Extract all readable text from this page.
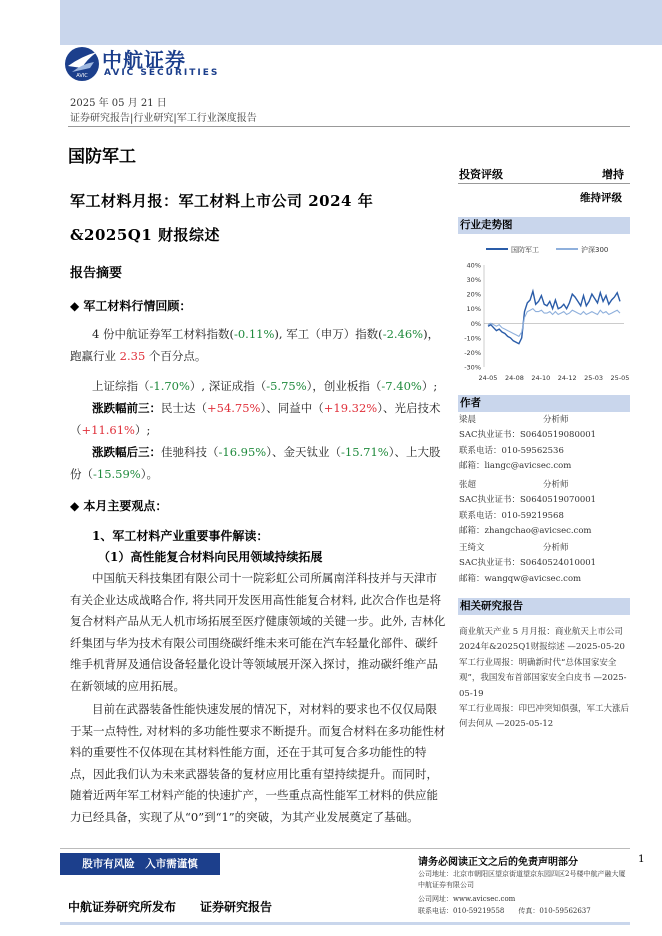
AVIC
中航证券
AVIC SECURITIES
2025 年 05 月 21 日
证券研究报告|行业研究|军工行业深度报告
国防军工
军工材料月报：军工材料上市公司 2024 年&2025Q1 财报综述
报告摘要
◆ 军工材料行情回顾：
4 份中航证券军工材料指数(-0.11%), 军工（申万）指数(-2.46%)，跑赢行业 2.35 个百分点。
上证综指（-1.70%）, 深证成指（-5.75%），创业板指（-7.40%）;
涨跌幅前三：民士达（+54.75%）、同益中（+19.32%）、光启技术（+11.61%）;
涨跌幅后三：佳驰科技（-16.95%）、金天钛业（-15.71%）、上大股份（-15.59%）。
◆ 本月主要观点：
1、军工材料产业重要事件解读：
（1）高性能复合材料向民用领域持续拓展
中国航天科技集团有限公司十一院彩虹公司所属南洋科技并与天津市有关企业达成战略合作, 将共同开发医用高性能复合材料, 此次合作也是将复合材料产品从无人机市场拓展至医疗健康领域的关键一步。此外, 吉林化纤集团与华为技术有限公司围绕碳纤维未来可能在汽车轻量化部件、碳纤维手机背屏及通信设备轻量化设计等领域展开深入探讨，推动碳纤维产品在新领域的应用拓展。
目前在武器装备性能快速发展的情况下，对材料的要求也不仅仅局限于某一点特性, 对材料的多功能性要求不断提升。而复合材料在多功能性材料的重要性不仅体现在其材料性能方面，还在于其可复合多功能性的特点，因此我们认为未来武器装备的复材应用比重有望持续提升。而同时，随着近两年军工材料产能的快速扩产，一些重点高性能军工材料的供应能力已经具备，实现了从“0”到“1”的突破，为其产业发展奠定了基础。
投资评级	增持
维持评级
行业走势图
国防军工	沪深300
40%
30%
20%
10%
0%
-10%
-20%
-30%
24-05 24-08 24-10 24-12 25-03 25-05
作者
梁晨	分析师
SAC执业证书：S0640519080001
联系电话：010-59562536
邮箱：liangc@avicsec.com
张超	分析师
SAC执业证书：S0640519070001
联系电话：010-59219568
邮箱：zhangchao@avicsec.com
王绮文	分析师
SAC执业证书：S0640524010001
邮箱：wangqw@avicsec.com
相关研究报告
商业航天产业 5 月月报：商业航天上市公司2024年&2025Q1财报综述 —2025-05-20
军工行业周报：明确新时代“总体国家安全观”，我国发布首部国家安全白皮书 —2025-05-19
军工行业周报：印巴冲突知俱强，军工大涨后何去何从 —2025-05-12
股市有风险　入市需谨慎	请务必阅读正文之后的免责声明部分	1
公司地址：北京市朝阳区望京街道望京东园四区2号楼中航产融大厦中航证券有限公司
公司网址：www.avicsec.com
联系电话：010-59219558　　传真：010-59562637
中航证券研究所发布　　证券研究报告
